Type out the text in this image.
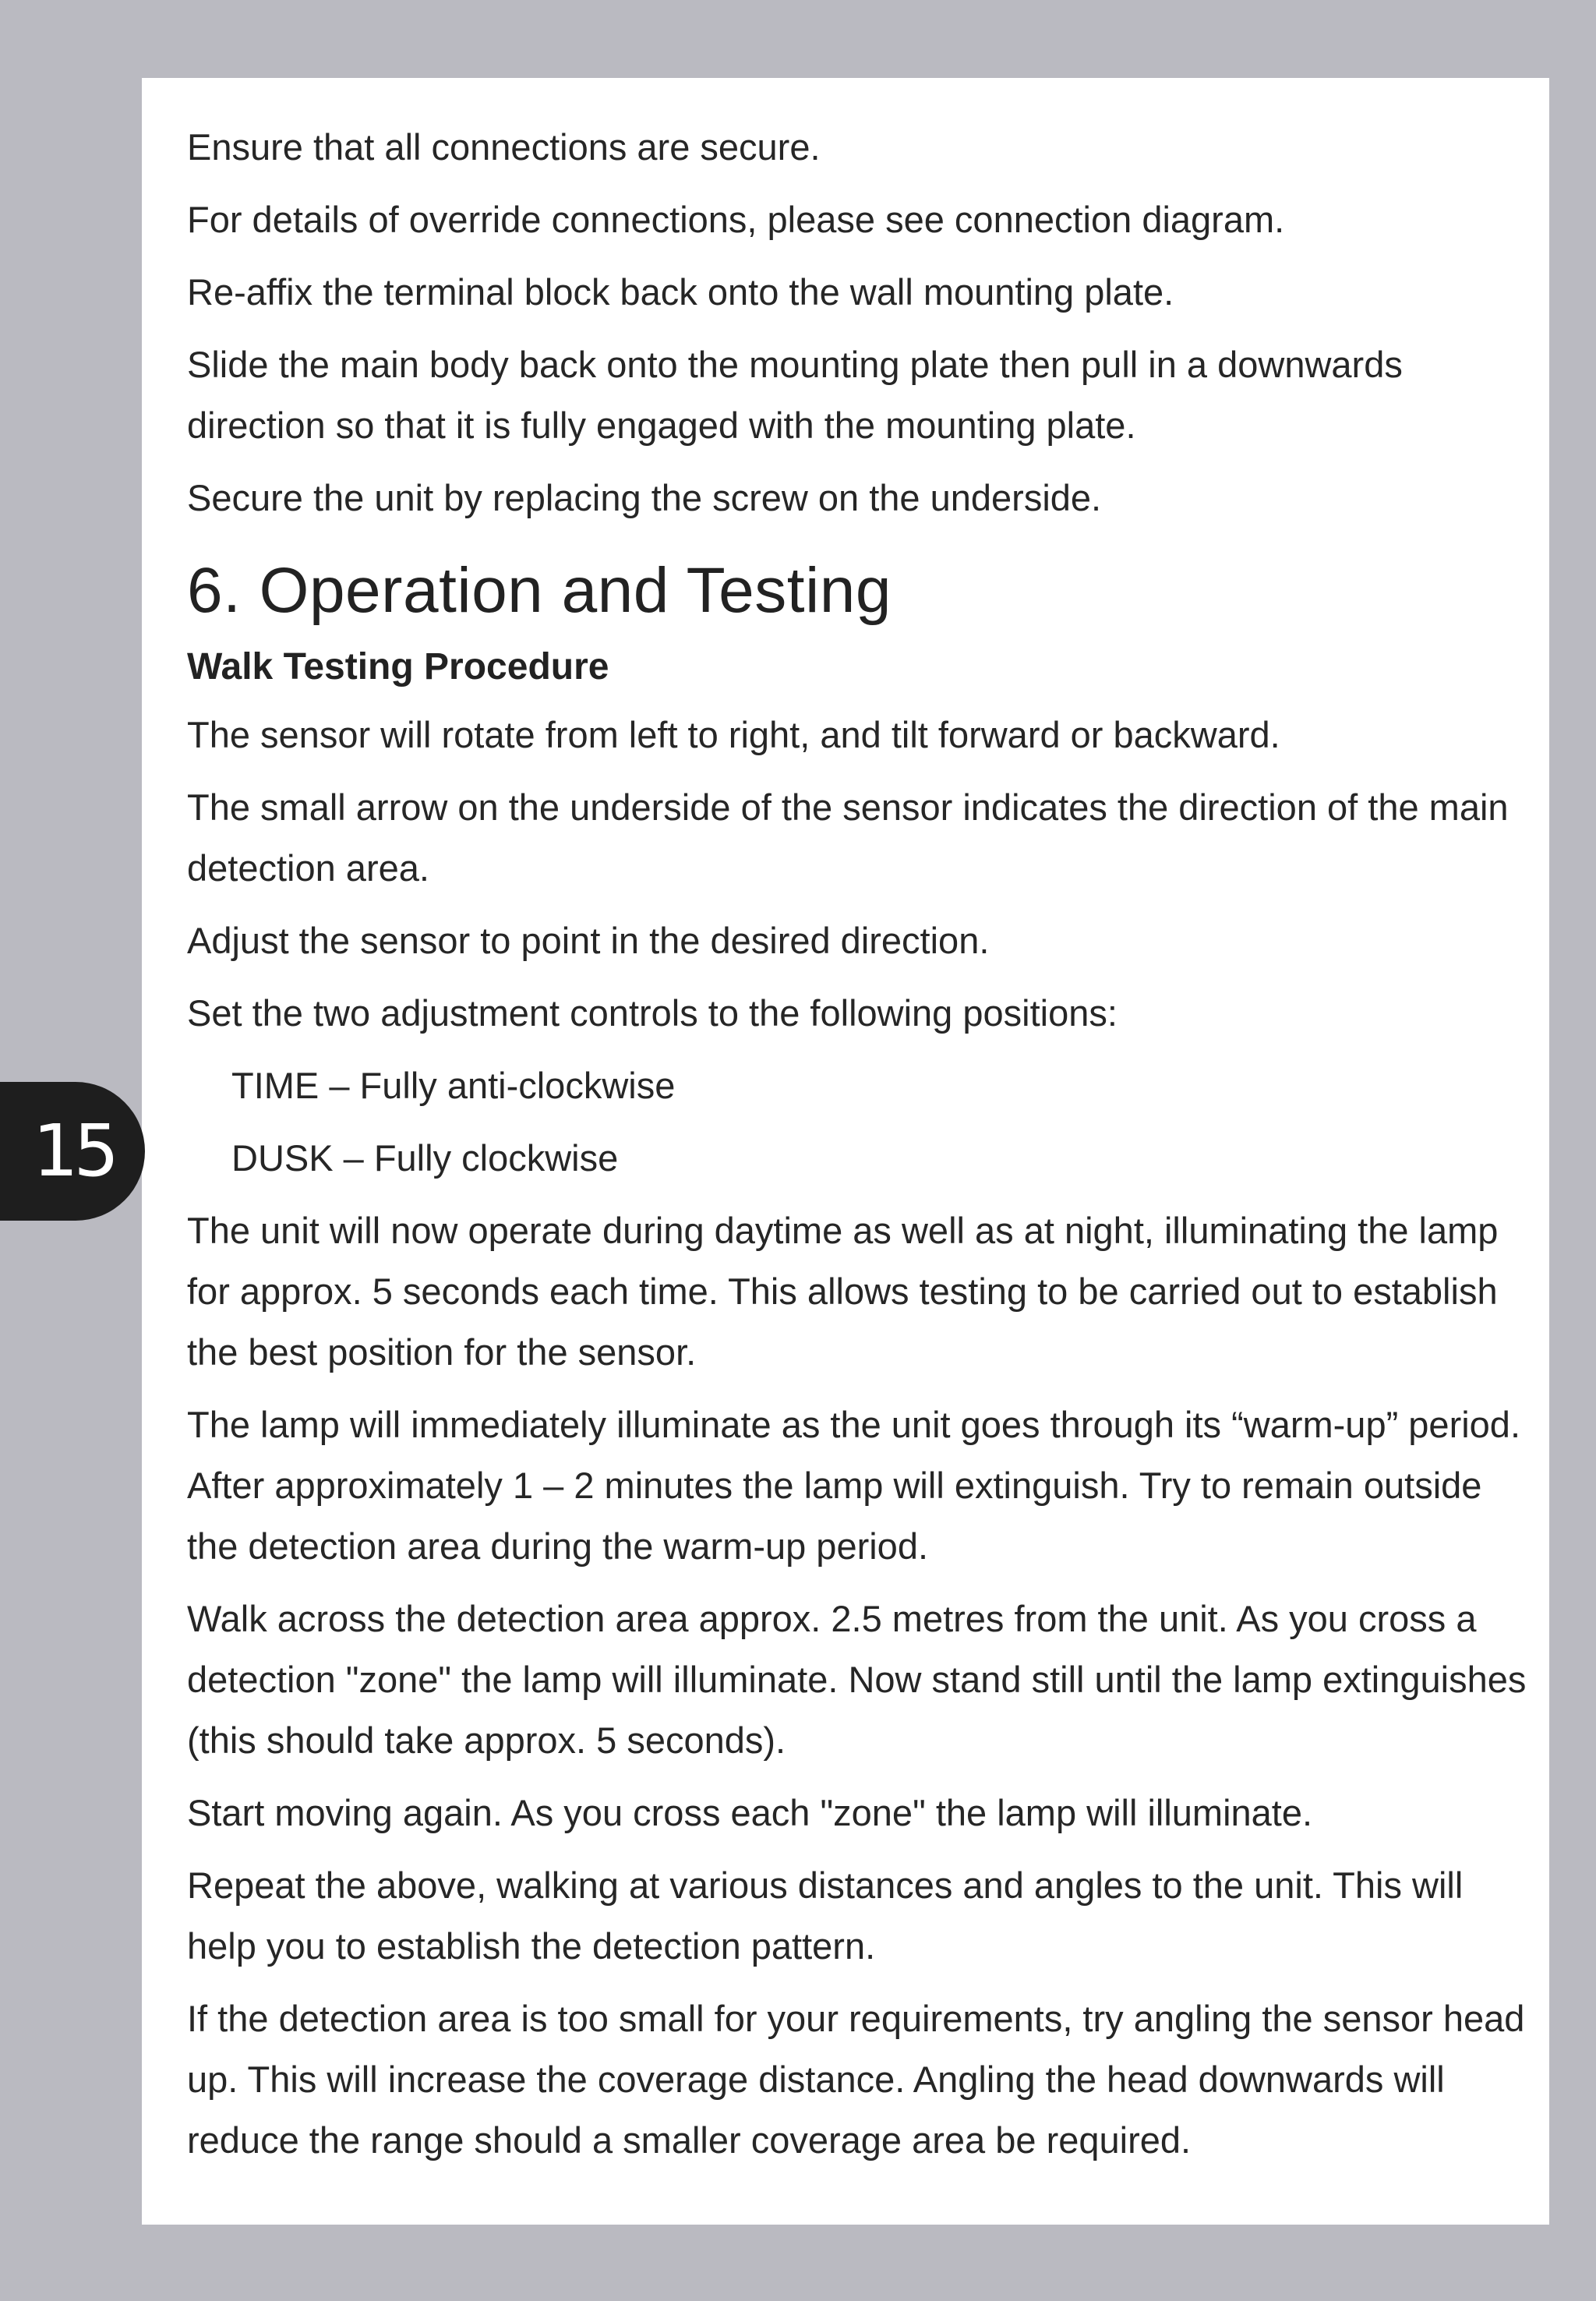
Ensure that all connections are secure.

For details of override connections, please see connection diagram.

Re-affix the terminal block back onto the wall mounting plate.

Slide the main body back onto the mounting plate then pull in a downwards direction so that it is fully engaged with the mounting plate.

Secure the unit by replacing the screw on the underside.

6. Operation and Testing
Walk Testing Procedure

The sensor will rotate from left to right, and tilt forward or backward.

The small arrow on the underside of the sensor indicates the direction of the main detection area.

Adjust the sensor to point in the desired direction.

Set the two adjustment controls to the following positions:

TIME – Fully anti-clockwise

DUSK – Fully clockwise

The unit will now operate during daytime as well as at night, illuminating the lamp for approx. 5 seconds each time. This allows testing to be carried out to establish the best position for the sensor.

The lamp will immediately illuminate as the unit goes through its “warm-up” period. After approximately 1 – 2 minutes the lamp will extinguish. Try to remain outside the detection area during the warm-up period.

Walk across the detection area approx. 2.5 metres from the unit. As you cross a detection "zone" the lamp will illuminate. Now stand still until the lamp extinguishes (this should take approx. 5 seconds).

Start moving again. As you cross each "zone" the lamp will illuminate.

Repeat the above, walking at various distances and angles to the unit. This will help you to establish the detection pattern.

If the detection area is too small for your requirements, try angling the sensor head up. This will increase the coverage distance. Angling the head downwards will reduce the range should a smaller coverage area be required.

15
